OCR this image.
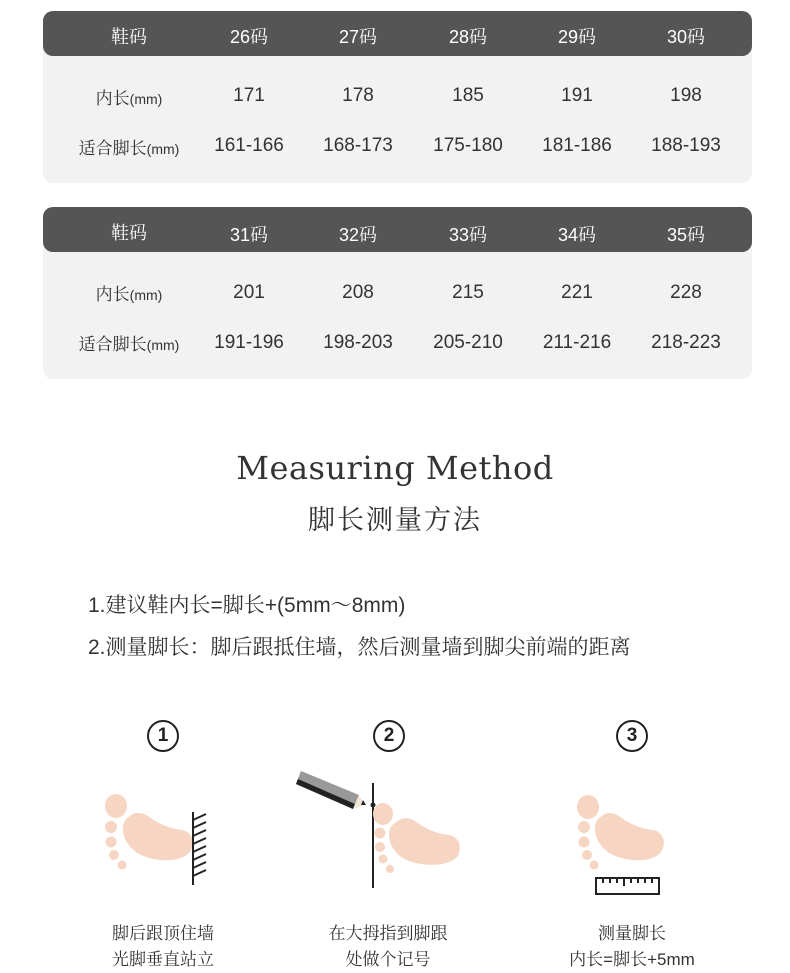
鞋码	26码	27码	28码	29码	30码
内长(mm)	171	178	185	191	198
适合脚长(mm) 161-166 168-173 175-180 181-186 188-193
鞋码	31码	32码	33码	34码	35码
内长(mm)	201	208	215	221	228
适合脚长(mm) 191-196 198-203 205-210 211-216 218-223
Measuring Method
脚长测量方法
1.建议鞋内长=脚长+(5mm～8mm)
2.测量脚长：脚后跟抵住墙，然后测量墙到脚尖前端的距离
1	2	3
脚后跟顶住墙
光脚垂直站立
在大拇指到脚跟
处做个记号
测量脚长
内长=脚长+5mm
